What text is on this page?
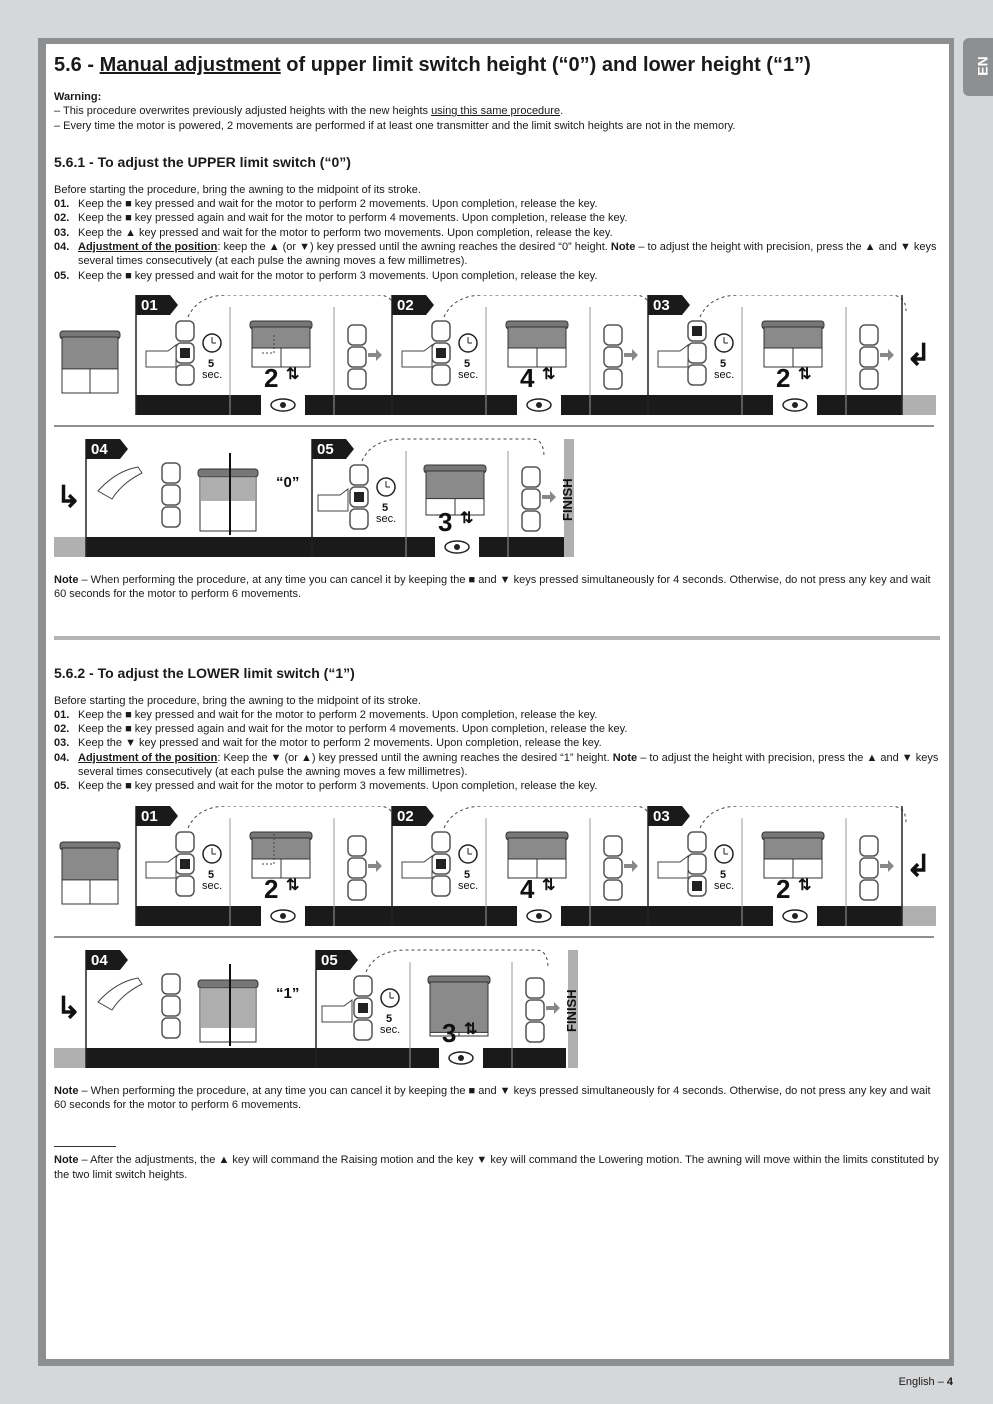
EN
5.6 - Manual adjustment of upper limit switch height (“0”) and lower height (“1”)
Warning:
– This procedure overwrites previously adjusted heights with the new heights using this same procedure.
– Every time the motor is powered, 2 movements are performed if at least one transmitter and the limit switch heights are not in the memory.
5.6.1 - To adjust the UPPER limit switch (“0”)
Before starting the procedure, bring the awning to the midpoint of its stroke.
01. Keep the ■ key pressed and wait for the motor to perform 2 movements. Upon completion, release the key.
02. Keep the ■ key pressed again and wait for the motor to perform 4 movements. Upon completion, release the key.
03. Keep the ▲ key pressed and wait for the motor to perform two movements. Upon completion, release the key.
04. Adjustment of the position: keep the ▲ (or ▼) key pressed until the awning reaches the desired “0” height. Note – to adjust the height with precision, press the ▲ and ▼ keys several times consecutively (at each pulse the awning moves a few millimetres).
05. Keep the ■ key pressed and wait for the motor to perform 3 movements. Upon completion, release the key.
01
5
sec. 2 ⇅
02
5
sec. 4 ⇅
03
5
sec. 2 ⇅
↲
↳
04
“0”
05
5
sec. 3 ⇅	FINISH
Note – When performing the procedure, at any time you can cancel it by keeping the ■ and ▼ keys pressed simultaneously for 4 seconds. Otherwise, do not press any key and wait 60 seconds for the motor to perform 6 movements.
5.6.2 - To adjust the LOWER limit switch (“1”)
Before starting the procedure, bring the awning to the midpoint of its stroke.
01. Keep the ■ key pressed and wait for the motor to perform 2 movements. Upon completion, release the key.
02. Keep the ■ key pressed again and wait for the motor to perform 4 movements. Upon completion, release the key.
03. Keep the ▼ key pressed and wait for the motor to perform 2 movements. Upon completion, release the key.
04. Adjustment of the position: Keep the ▼ (or ▲) key pressed until the awning reaches the desired “1” height. Note – to adjust the height with precision, press the ▲ and ▼ keys several times consecutively (at each pulse the awning moves a few millimetres).
05. Keep the ■ key pressed and wait for the motor to perform 3 movements. Upon completion, release the key.
01
5
sec. 2 ⇅
02
5
sec. 4 ⇅
03
5
sec. 2 ⇅
↲
↳
04
“1”
05
5
sec. 3 ⇅	FINISH
Note – When performing the procedure, at any time you can cancel it by keeping the ■ and ▼ keys pressed simultaneously for 4 seconds. Otherwise, do not press any key and wait 60 seconds for the motor to perform 6 movements.
Note – After the adjustments, the ▲ key will command the Raising motion and the key ▼ key will command the Lowering motion. The awning will move within the limits constituted by the two limit switch heights.
English – 4
